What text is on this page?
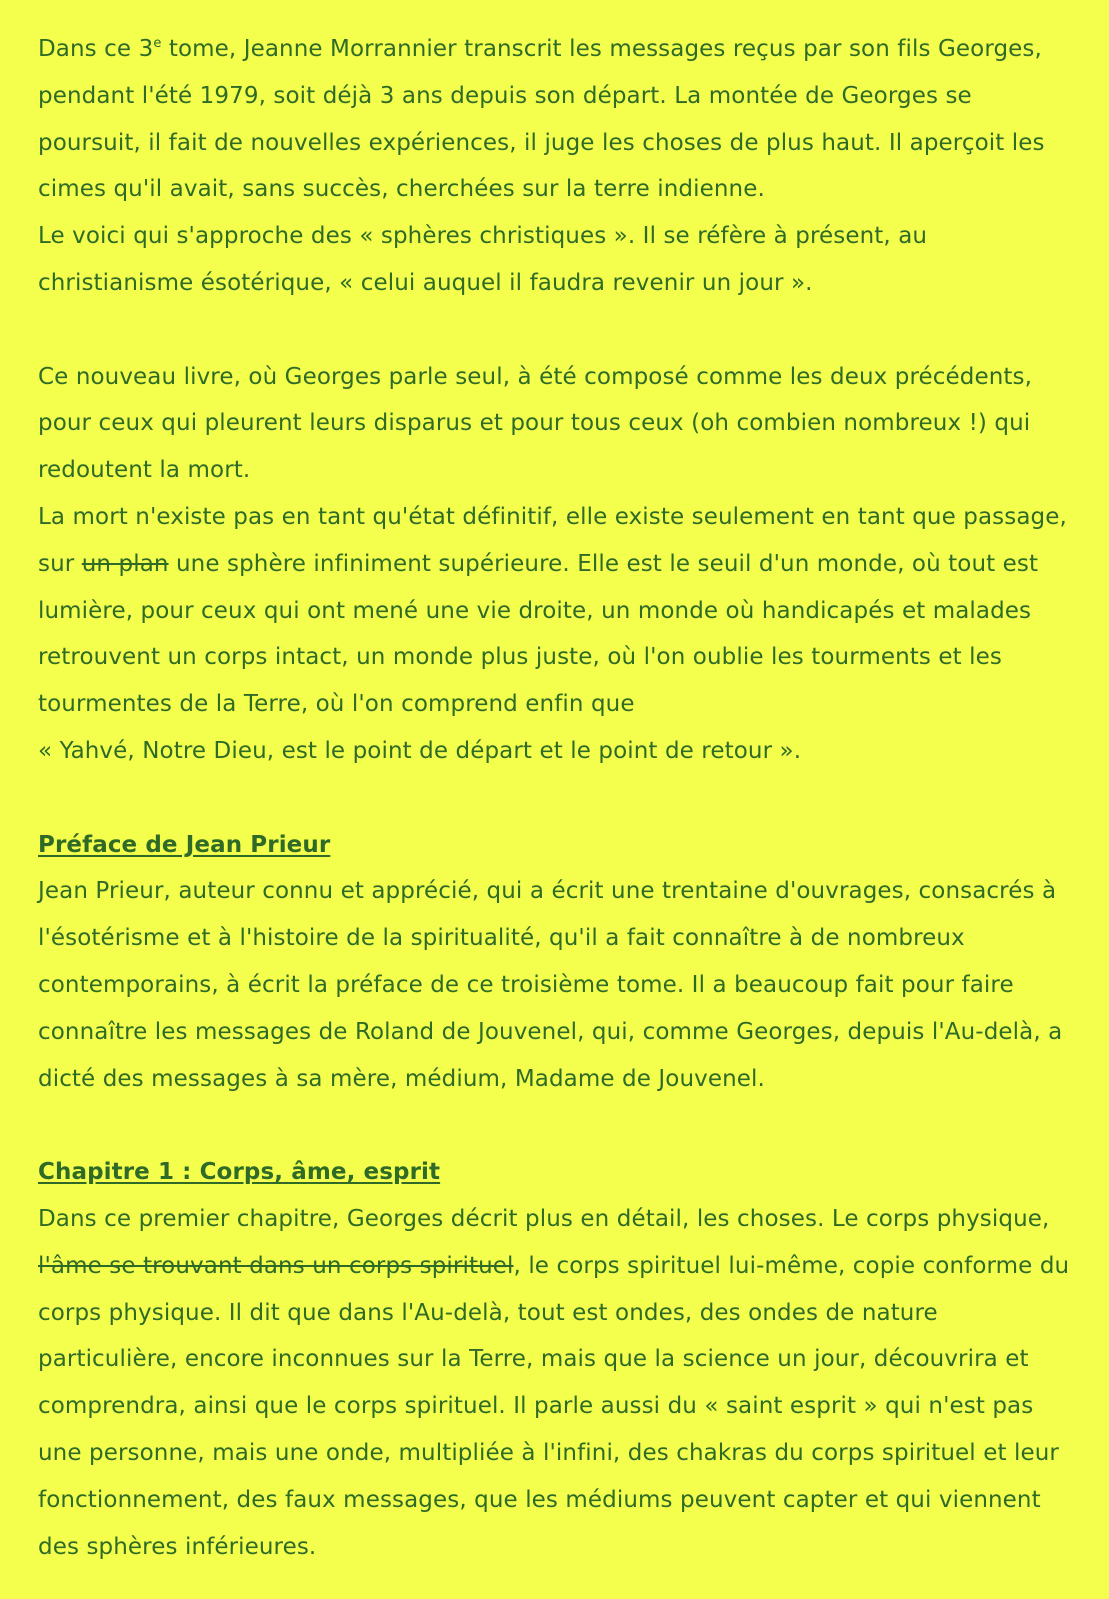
Dans ce 3e tome, Jeanne Morrannier transcrit les messages reçus par son fils Georges, pendant l'été 1979, soit déjà 3 ans depuis son départ. La montée de Georges se poursuit, il fait de nouvelles expériences, il juge les choses de plus haut. Il aperçoit les cimes qu'il avait, sans succès, cherchées sur la terre indienne.

Le voici qui s'approche des « sphères christiques ». Il se réfère à présent, au christianisme ésotérique, « celui auquel il faudra revenir un jour ».

Ce nouveau livre, où Georges parle seul, à été composé comme les deux précédents, pour ceux qui pleurent leurs disparus et pour tous ceux (oh combien nombreux !) qui redoutent la mort.

La mort n'existe pas en tant qu'état définitif, elle existe seulement en tant que passage, sur un plan une sphère infiniment supérieure. Elle est le seuil d'un monde, où tout est lumière, pour ceux qui ont mené une vie droite, un monde où handicapés et malades retrouvent un corps intact, un monde plus juste, où l'on oublie les tourments et les tourmentes de la Terre, où l'on comprend enfin que

« Yahvé, Notre Dieu, est le point de départ et le point de retour ».

Préface de Jean Prieur

Jean Prieur, auteur connu et apprécié, qui a écrit une trentaine d'ouvrages, consacrés à l'ésotérisme et à l'histoire de la spiritualité, qu'il a fait connaître à de nombreux contemporains, à écrit la préface de ce troisième tome. Il a beaucoup fait pour faire connaître les messages de Roland de Jouvenel, qui, comme Georges, depuis l'Au-delà, a dicté des messages à sa mère, médium, Madame de Jouvenel.

Chapitre 1 : Corps, âme, esprit

Dans ce premier chapitre, Georges décrit plus en détail, les choses. Le corps physique, l'âme se trouvant dans un corps spirituel, le corps spirituel lui-même, copie conforme du corps physique. Il dit que dans l'Au-delà, tout est ondes, des ondes de nature particulière, encore inconnues sur la Terre, mais que la science un jour, découvrira et comprendra, ainsi que le corps spirituel. Il parle aussi du « saint esprit » qui n'est pas une personne, mais une onde, multipliée à l'infini, des chakras du corps spirituel et leur fonctionnement, des faux messages, que les médiums peuvent capter et qui viennent des sphères inférieures.
